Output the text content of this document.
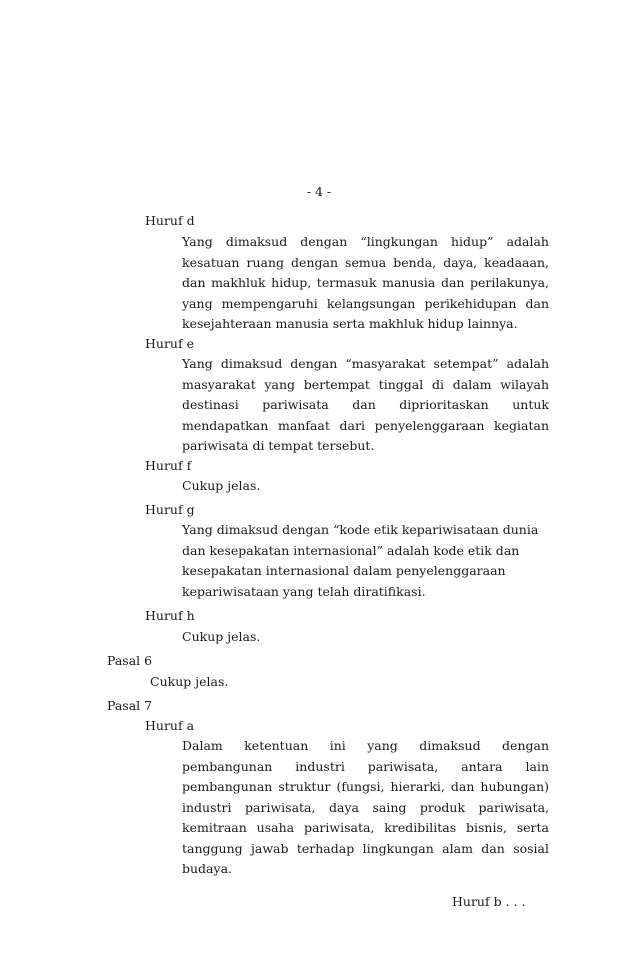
- 4 -
Huruf d

Yang dimaksud dengan “lingkungan hidup” adalah kesatuan ruang dengan semua benda, daya, keadaaan, dan makhluk hidup, termasuk manusia dan perilakunya, yang mempengaruhi kelangsungan perikehidupan dan kesejahteraan manusia serta makhluk hidup lainnya.

Huruf e

Yang dimaksud dengan “masyarakat setempat” adalah masyarakat yang bertempat tinggal di dalam wilayah destinasi pariwisata dan diprioritaskan untuk mendapatkan manfaat dari penyelenggaraan kegiatan pariwisata di tempat tersebut.

Huruf f

Cukup jelas.

Huruf g

Yang dimaksud dengan “kode etik kepariwisataan dunia dan kesepakatan internasional” adalah kode etik dan kesepakatan internasional dalam penyelenggaraan kepariwisataan yang telah diratifikasi.

Huruf h
Cukup jelas.
Pasal 6
Cukup jelas.
Pasal 7
Huruf a

Dalam ketentuan ini yang dimaksud dengan pembangunan industri pariwisata, antara lain pembangunan struktur (fungsi, hierarki, dan hubungan) industri pariwisata, daya saing produk pariwisata, kemitraan usaha pariwisata, kredibilitas bisnis, serta tanggung jawab terhadap lingkungan alam dan sosial budaya.

Huruf b . . .
